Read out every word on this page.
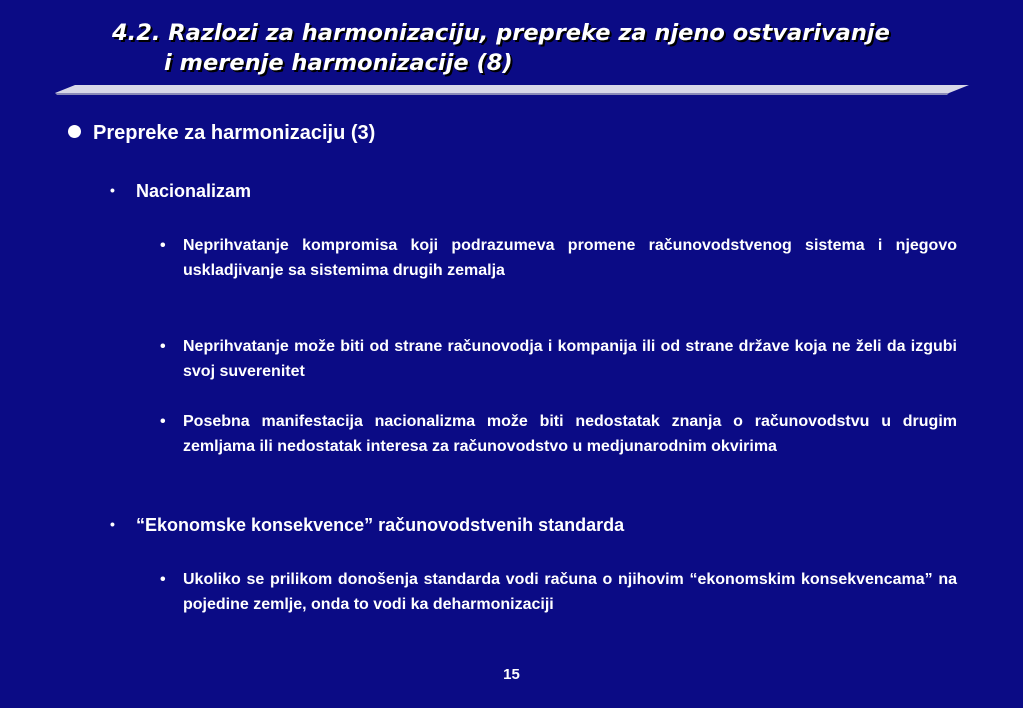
4.2. Razlozi za harmonizaciju, prepreke za njeno ostvarivanje
i merenje harmonizacije (8)
Prepreke za harmonizaciju (3)
• Nacionalizam
• Neprihvatanje kompromisa koji podrazumeva promene računovodstvenog sistema i njegovo uskladjivanje sa sistemima drugih zemalja
• Neprihvatanje može biti od strane računovodja i kompanija ili od strane države koja ne želi da izgubi svoj suverenitet
• Posebna manifestacija nacionalizma može biti nedostatak znanja o računovodstvu u drugim zemljama ili nedostatak interesa za računovodstvo u medjunarodnim okvirima
• “Ekonomske konsekvence” računovodstvenih standarda
• Ukoliko se prilikom donošenja standarda vodi računa o njihovim “ekonomskim konsekvencama” na pojedine zemlje, onda to vodi ka deharmonizaciji
15
